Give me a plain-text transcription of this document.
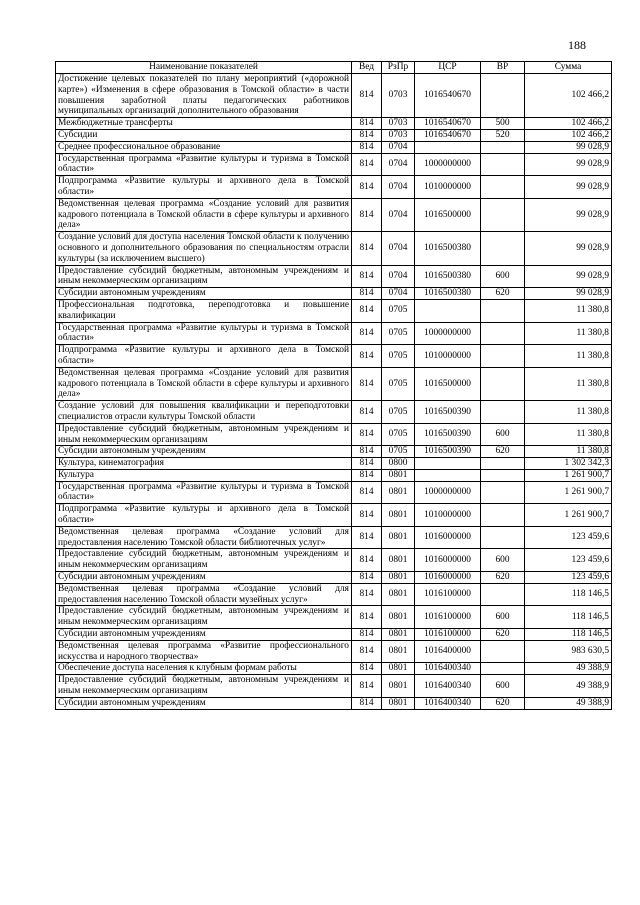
188
Наименование показателей	Вед	РзПр	ЦСР	ВР	Сумма
Достижение целевых показателей по плану мероприятий («дорожной карте») «Изменения в сфере образования в Томской области» в части повышения заработной платы педагогических работников муниципальных организаций дополнительного образования	814	0703	1016540670		102 466,2
Межбюджетные трансферты	814	0703	1016540670	500	102 466,2
Субсидии	814	0703	1016540670	520	102 466,2
Среднее профессиональное образование	814	0704			99 028,9
Государственная программа «Развитие культуры и туризма в Томской области»	814	0704	1000000000		99 028,9
Подпрограмма «Развитие культуры и архивного дела в Томской области»	814	0704	1010000000		99 028,9
Ведомственная целевая программа «Создание условий для развития кадрового потенциала в Томской области в сфере культуры и архивного дела»	814	0704	1016500000		99 028,9
Создание условий для доступа населения Томской области к получению основного и дополнительного образования по специальностям отрасли культуры (за исключением высшего)	814	0704	1016500380		99 028,9
Предоставление субсидий бюджетным, автономным учреждениям и иным некоммерческим организациям	814	0704	1016500380	600	99 028,9
Субсидии автономным учреждениям	814	0704	1016500380	620	99 028,9
Профессиональная подготовка, переподготовка и повышение квалификации	814	0705			11 380,8
Государственная программа «Развитие культуры и туризма в Томской области»	814	0705	1000000000		11 380,8
Подпрограмма «Развитие культуры и архивного дела в Томской области»	814	0705	1010000000		11 380,8
Ведомственная целевая программа «Создание условий для развития кадрового потенциала в Томской области в сфере культуры и архивного дела»	814	0705	1016500000		11 380,8
Создание условий для повышения квалификации и переподготовки специалистов отрасли культуры Томской области	814	0705	1016500390		11 380,8
Предоставление субсидий бюджетным, автономным учреждениям и иным некоммерческим организациям	814	0705	1016500390	600	11 380,8
Субсидии автономным учреждениям	814	0705	1016500390	620	11 380,8
Культура, кинематография	814	0800			1 302 342,3
Культура	814	0801			1 261 900,7
Государственная программа «Развитие культуры и туризма в Томской области»	814	0801	1000000000		1 261 900,7
Подпрограмма «Развитие культуры и архивного дела в Томской области»	814	0801	1010000000		1 261 900,7
Ведомственная целевая программа «Создание условий для предоставления населению Томской области библиотечных услуг»	814	0801	1016000000		123 459,6
Предоставление субсидий бюджетным, автономным учреждениям и иным некоммерческим организациям	814	0801	1016000000	600	123 459,6
Субсидии автономным учреждениям	814	0801	1016000000	620	123 459,6
Ведомственная целевая программа «Создание условий для предоставления населению Томской области музейных услуг»	814	0801	1016100000		118 146,5
Предоставление субсидий бюджетным, автономным учреждениям и иным некоммерческим организациям	814	0801	1016100000	600	118 146,5
Субсидии автономным учреждениям	814	0801	1016100000	620	118 146,5
Ведомственная целевая программа «Развитие профессионального искусства и народного творчества»	814	0801	1016400000		983 630,5
Обеспечение доступа населения к клубным формам работы	814	0801	1016400340		49 388,9
Предоставление субсидий бюджетным, автономным учреждениям и иным некоммерческим организациям	814	0801	1016400340	600	49 388,9
Субсидии автономным учреждениям	814	0801	1016400340	620	49 388,9
